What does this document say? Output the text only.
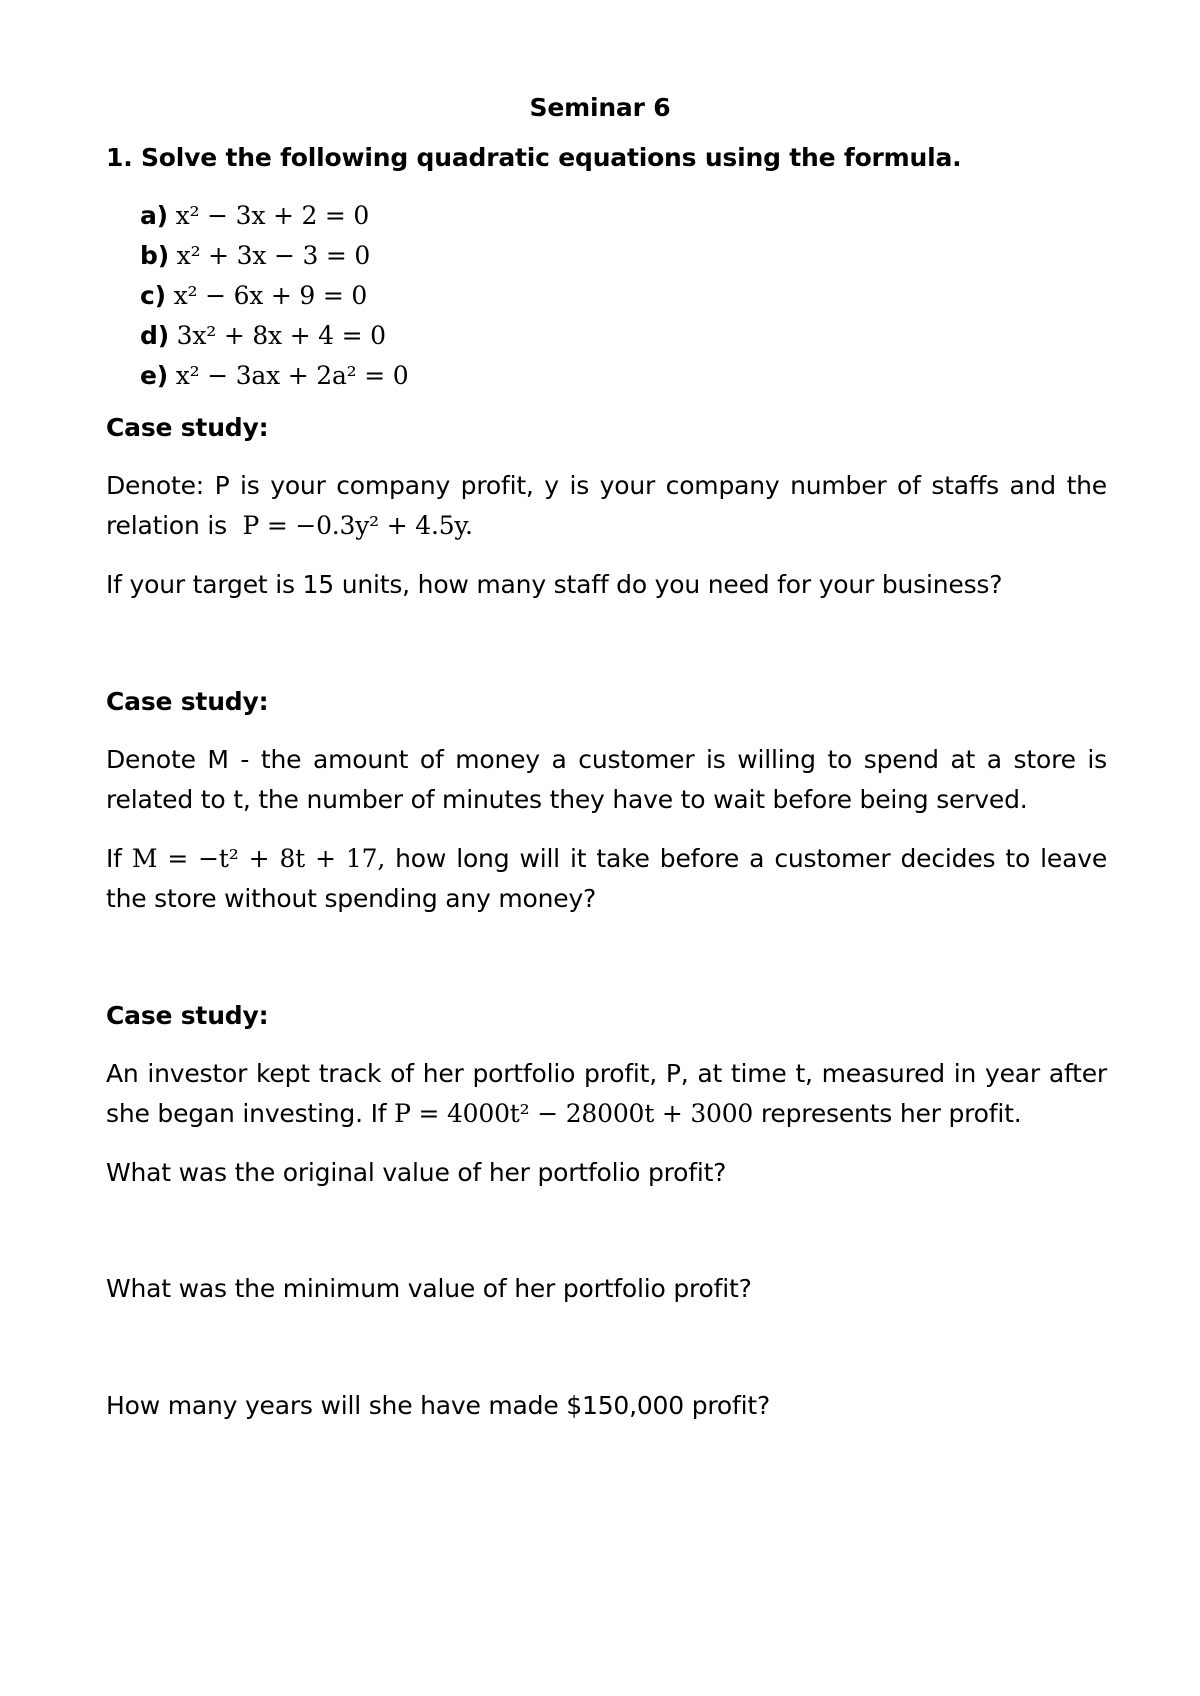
Seminar 6
1. Solve the following quadratic equations using the formula.
a) x² − 3x + 2 = 0
b) x² + 3x − 3 = 0
c) x² − 6x + 9 = 0
d) 3x² + 8x + 4 = 0
e) x² − 3ax + 2a² = 0
Case study:
Denote: P is your company profit, y is your company number of staffs and the
relation is P = −0.3y² + 4.5y.
If your target is 15 units, how many staff do you need for your business?
Case study:
Denote M - the amount of money a customer is willing to spend at a store is
related to t, the number of minutes they have to wait before being served.
If M = −t² + 8t + 17, how long will it take before a customer decides to leave
the store without spending any money?
Case study:
An investor kept track of her portfolio profit, P, at time t, measured in year after
she began investing. If P = 4000t² − 28000t + 3000 represents her profit.
What was the original value of her portfolio profit?
What was the minimum value of her portfolio profit?
How many years will she have made $150,000 profit?
